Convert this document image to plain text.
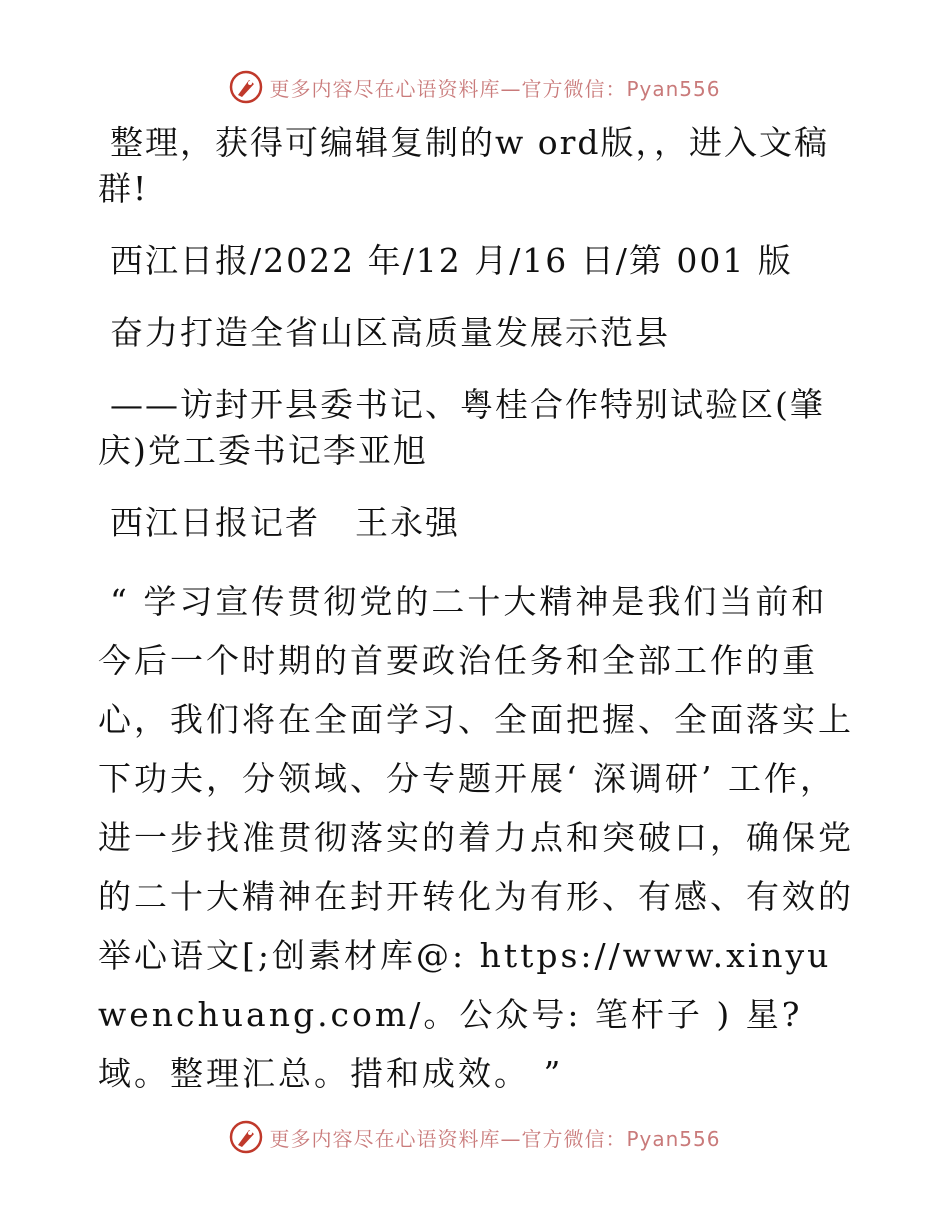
更多内容尽在心语资料库—官方微信：Pyan556

整理，获得可编辑复制的w ord版，，进入文稿群!

西江日报/2022 年/12 月/16 日/第 001 版

奋力打造全省山区高质量发展示范县

——访封开县委书记、粤桂合作特别试验区(肇庆)党工委书记李亚旭

西江日报记者　王永强

“ 学习宣传贯彻党的二十大精神是我们当前和今后一个时期的首要政治任务和全部工作的重心，我们将在全面学习、全面把握、全面落实上下功夫，分领域、分专题开展‘ 深调研’ 工作，进一步找准贯彻落实的着力点和突破口，确保党的二十大精神在封开转化为有形、有感、有效的举心语文[;创素材库@: https://www.xinyuwenchuang.com/。公众号: 笔杆子 ) 星?域。整理汇总。措和成效。 ”

更多内容尽在心语资料库—官方微信：Pyan556
